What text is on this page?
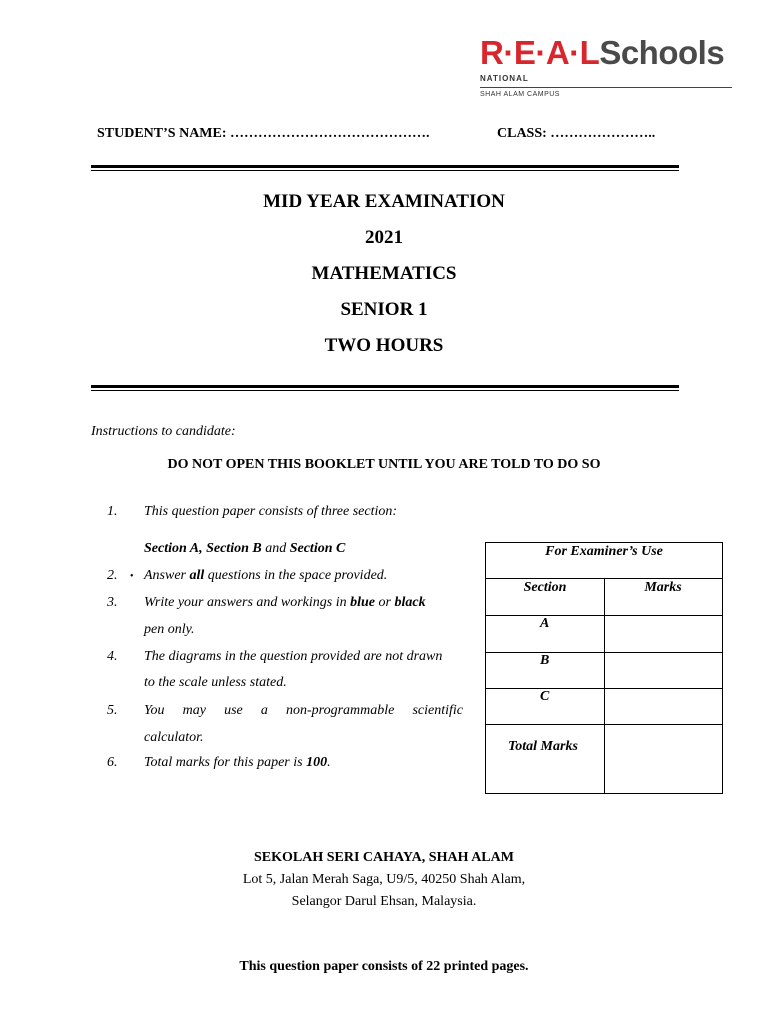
R·E·A·LSchools
NATIONAL
SHAH ALAM CAMPUS
STUDENT’S NAME: …………………………………….	CLASS: …………………..
MID YEAR EXAMINATION
2021
MATHEMATICS
SENIOR 1
TWO HOURS
Instructions to candidate:
DO NOT OPEN THIS BOOKLET UNTIL YOU ARE TOLD TO DO SO
1. This question paper consists of three section:
Section A, Section B and Section C
2. • Answer all questions in the space provided.
3. Write your answers and workings in blue or black
pen only.
4. The diagrams in the question provided are not drawn
to the scale unless stated.
5. You may use a non-programmable scientific
calculator.
6. Total marks for this paper is 100.
For Examiner’s Use
Section	Marks
A
B
C
Total Marks
SEKOLAH SERI CAHAYA, SHAH ALAM
Lot 5, Jalan Merah Saga, U9/5, 40250 Shah Alam,
Selangor Darul Ehsan, Malaysia.
This question paper consists of 22 printed pages.
